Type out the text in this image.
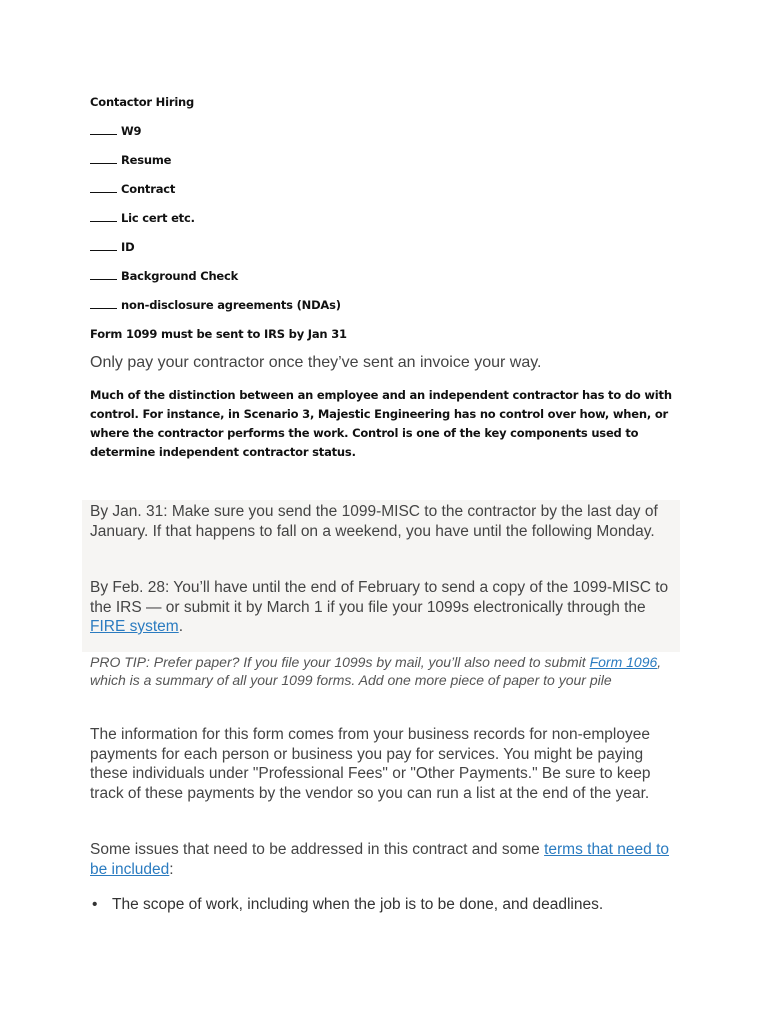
Contactor Hiring
W9
Resume
Contract
Lic cert etc.
ID
Background Check
non-disclosure agreements (NDAs)
Form 1099 must be sent to IRS by Jan 31
Only pay your contractor once they’ve sent an invoice your way.
Much of the distinction between an employee and an independent contractor has to do with control. For instance, in Scenario 3, Majestic Engineering has no control over how, when, or where the contractor performs the work. Control is one of the key components used to determine independent contractor status.
By Jan. 31: Make sure you send the 1099-MISC to the contractor by the last day of January. If that happens to fall on a weekend, you have until the following Monday.
By Feb. 28: You’ll have until the end of February to send a copy of the 1099-MISC to the IRS — or submit it by March 1 if you file your 1099s electronically through the FIRE system.
PRO TIP: Prefer paper? If you file your 1099s by mail, you’ll also need to submit Form 1096, which is a summary of all your 1099 forms. Add one more piece of paper to your pile
The information for this form comes from your business records for non-employee payments for each person or business you pay for services. You might be paying these individuals under "Professional Fees" or "Other Payments." Be sure to keep track of these payments by the vendor so you can run a list at the end of the year.
Some issues that need to be addressed in this contract and some terms that need to be included:
• The scope of work, including when the job is to be done, and deadlines.
